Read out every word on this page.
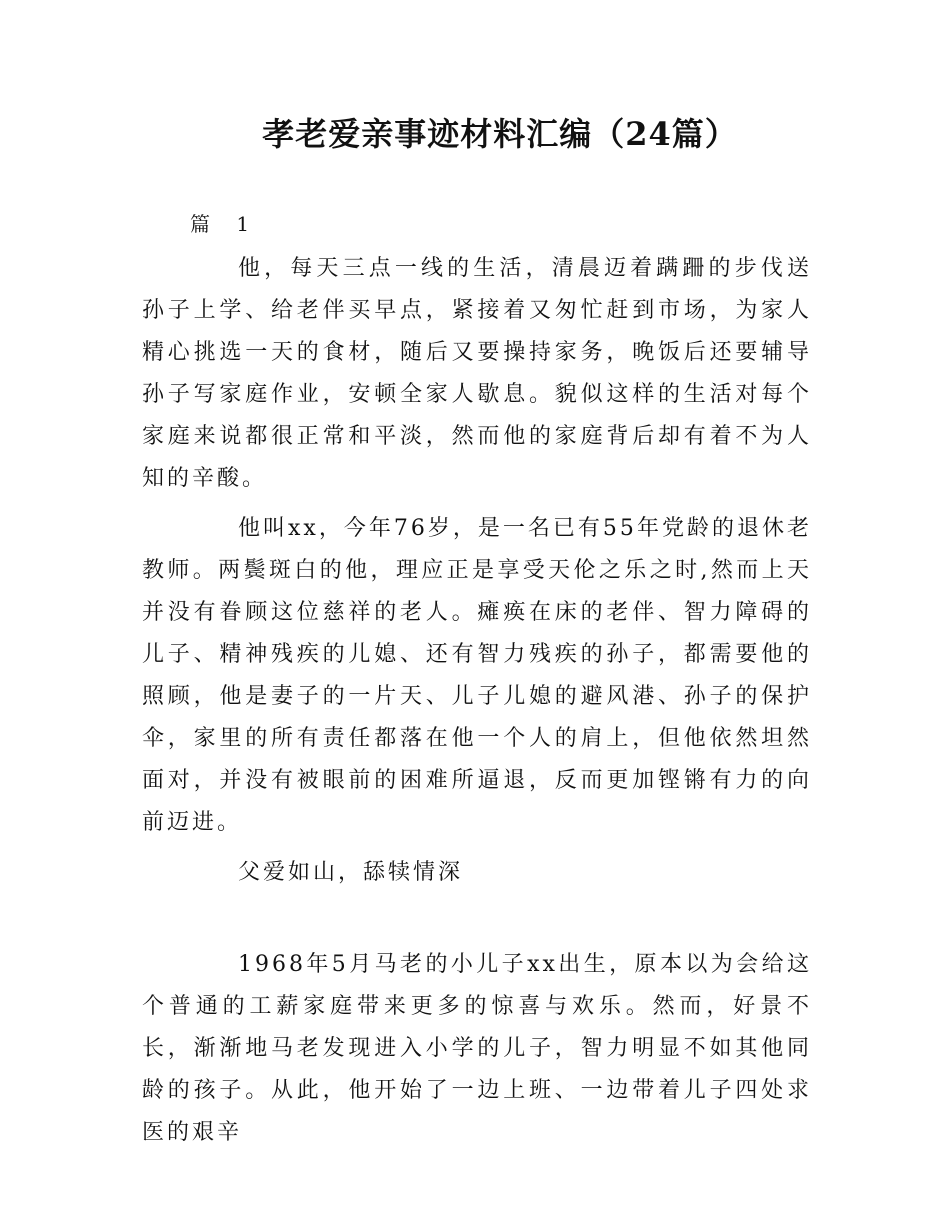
孝老爱亲事迹材料汇编（24篇）

篇 1

他，每天三点一线的生活，清晨迈着蹒跚的步伐送孙子上学、给老伴买早点，紧接着又匆忙赶到市场，为家人精心挑选一天的食材，随后又要操持家务，晚饭后还要辅导孙子写家庭作业，安顿全家人歇息。貌似这样的生活对每个家庭来说都很正常和平淡，然而他的家庭背后却有着不为人知的辛酸。

他叫xx，今年76岁，是一名已有55年党龄的退休老教师。两鬓斑白的他，理应正是享受天伦之乐之时,然而上天并没有眷顾这位慈祥的老人。瘫痪在床的老伴、智力障碍的儿子、精神残疾的儿媳、还有智力残疾的孙子，都需要他的照顾，他是妻子的一片天、儿子儿媳的避风港、孙子的保护伞，家里的所有责任都落在他一个人的肩上，但他依然坦然面对，并没有被眼前的困难所逼退，反而更加铿锵有力的向前迈进。

父爱如山，舔犊情深

1968年5月马老的小儿子xx出生，原本以为会给这个普通的工薪家庭带来更多的惊喜与欢乐。然而，好景不长，渐渐地马老发现进入小学的儿子，智力明显不如其他同龄的孩子。从此，他开始了一边上班、一边带着儿子四处求医的艰辛
